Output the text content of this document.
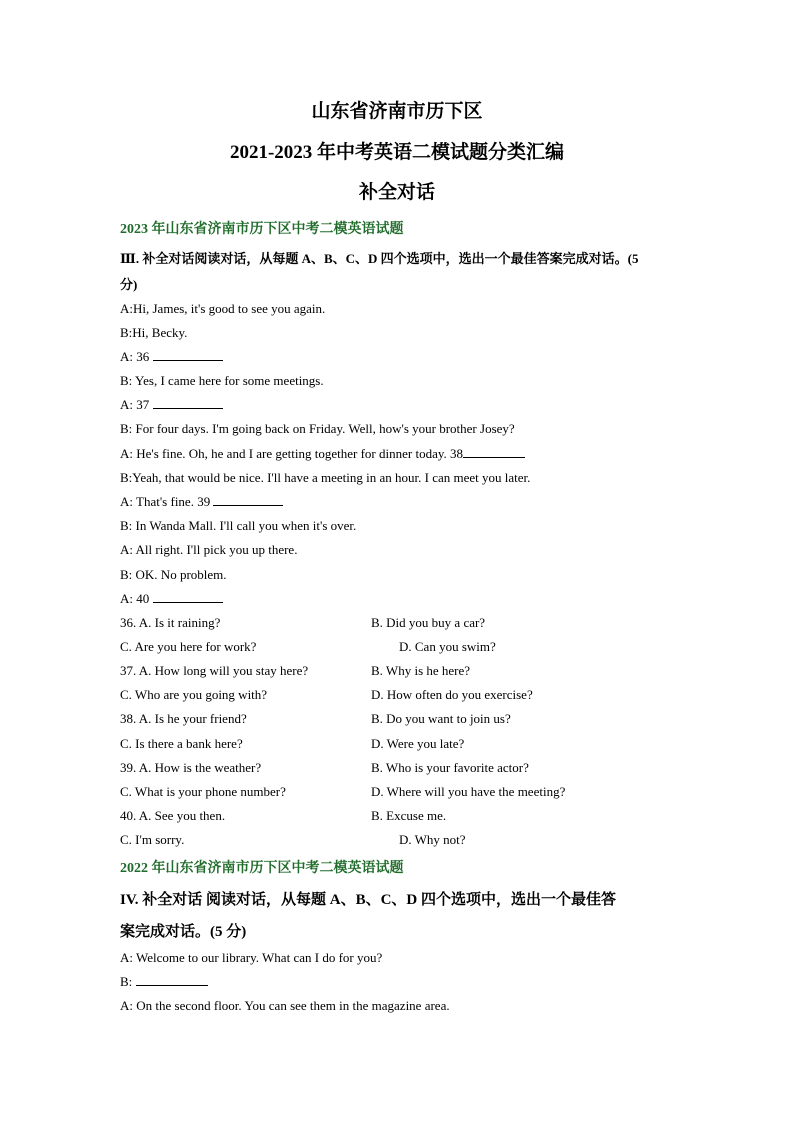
山东省济南市历下区
2021-2023 年中考英语二模试题分类汇编
补全对话
2023 年山东省济南市历下区中考二模英语试题
Ⅲ. 补全对话阅读对话，从每题 A、B、C、D 四个选项中，选出一个最佳答案完成对话。(5
分)
A:Hi, James, it's good to see you again.
B:Hi, Becky.
A: 36
B: Yes, I came here for some meetings.
A: 37
B: For four days. I'm going back on Friday. Well, how's your brother Josey?
A: He's fine. Oh, he and I are getting together for dinner today. 38
B:Yeah, that would be nice. I'll have a meeting in an hour. I can meet you later.
A: That's fine. 39
B: In Wanda Mall. I'll call you when it's over.
A: All right. I'll pick you up there.
B: OK. No problem.
A: 40
36. A. Is it raining?	B. Did you buy a car?
C. Are you here for work?	D. Can you swim?
37. A. How long will you stay here?	B. Why is he here?
C. Who are you going with?	D. How often do you exercise?
38. A. Is he your friend?	B. Do you want to join us?
C. Is there a bank here?	D. Were you late?
39. A. How is the weather?	B. Who is your favorite actor?
C. What is your phone number?	D. Where will you have the meeting?
40. A. See you then.	B. Excuse me.
C. I'm sorry.	D. Why not?
2022 年山东省济南市历下区中考二模英语试题
IV. 补全对话 阅读对话，从每题 A、B、C、D 四个选项中，选出一个最佳答
案完成对话。(5 分)
A: Welcome to our library. What can I do for you?
B:
A: On the second floor. You can see them in the magazine area.
